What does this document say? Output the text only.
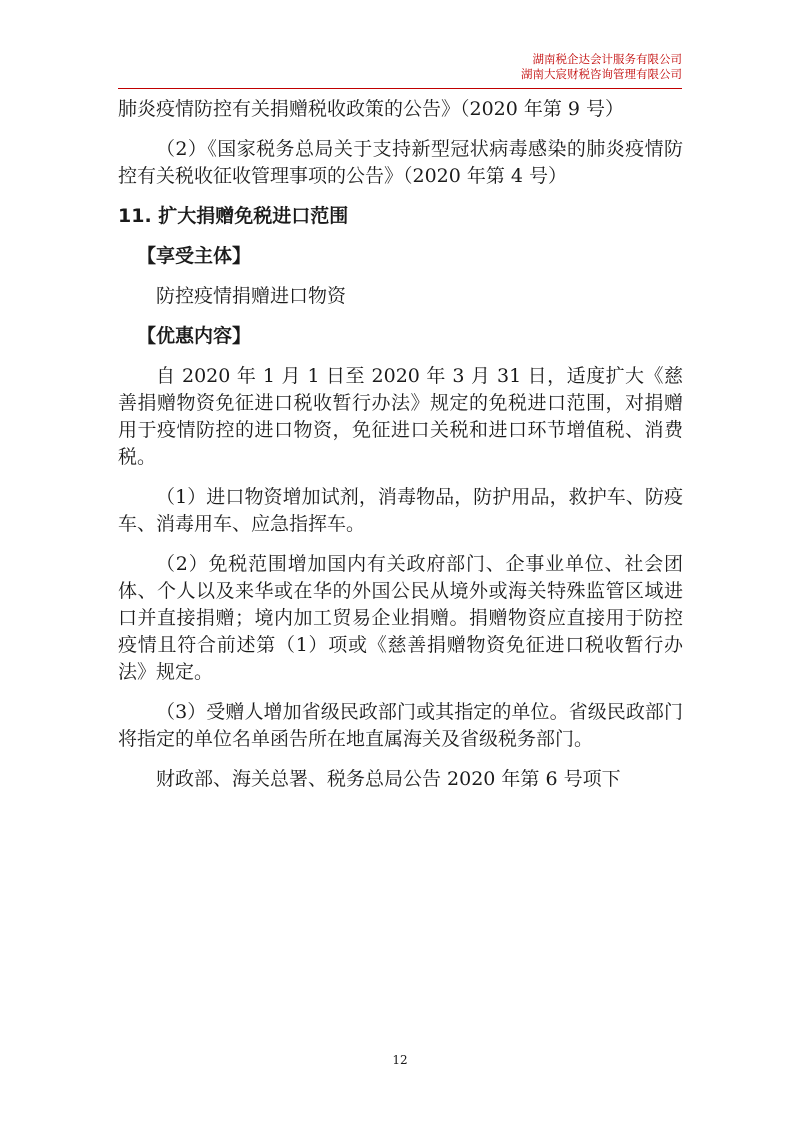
湖南税企达会计服务有限公司
湖南大宸财税咨询管理有限公司

肺炎疫情防控有关捐赠税收政策的公告》（2020 年第 9 号）

（2）《国家税务总局关于支持新型冠状病毒感染的肺炎疫情防控有关税收征收管理事项的公告》（2020 年第 4 号）

11. 扩大捐赠免税进口范围

【享受主体】

防控疫情捐赠进口物资

【优惠内容】

自 2020 年 1 月 1 日至 2020 年 3 月 31 日，适度扩大《慈善捐赠物资免征进口税收暂行办法》规定的免税进口范围，对捐赠用于疫情防控的进口物资，免征进口关税和进口环节增值税、消费税。

（1）进口物资增加试剂，消毒物品，防护用品，救护车、防疫车、消毒用车、应急指挥车。

（2）免税范围增加国内有关政府部门、企事业单位、社会团体、个人以及来华或在华的外国公民从境外或海关特殊监管区域进口并直接捐赠；境内加工贸易企业捐赠。捐赠物资应直接用于防控疫情且符合前述第（1）项或《慈善捐赠物资免征进口税收暂行办法》规定。

（3）受赠人增加省级民政部门或其指定的单位。省级民政部门将指定的单位名单函告所在地直属海关及省级税务部门。

财政部、海关总署、税务总局公告 2020 年第 6 号项下

12
